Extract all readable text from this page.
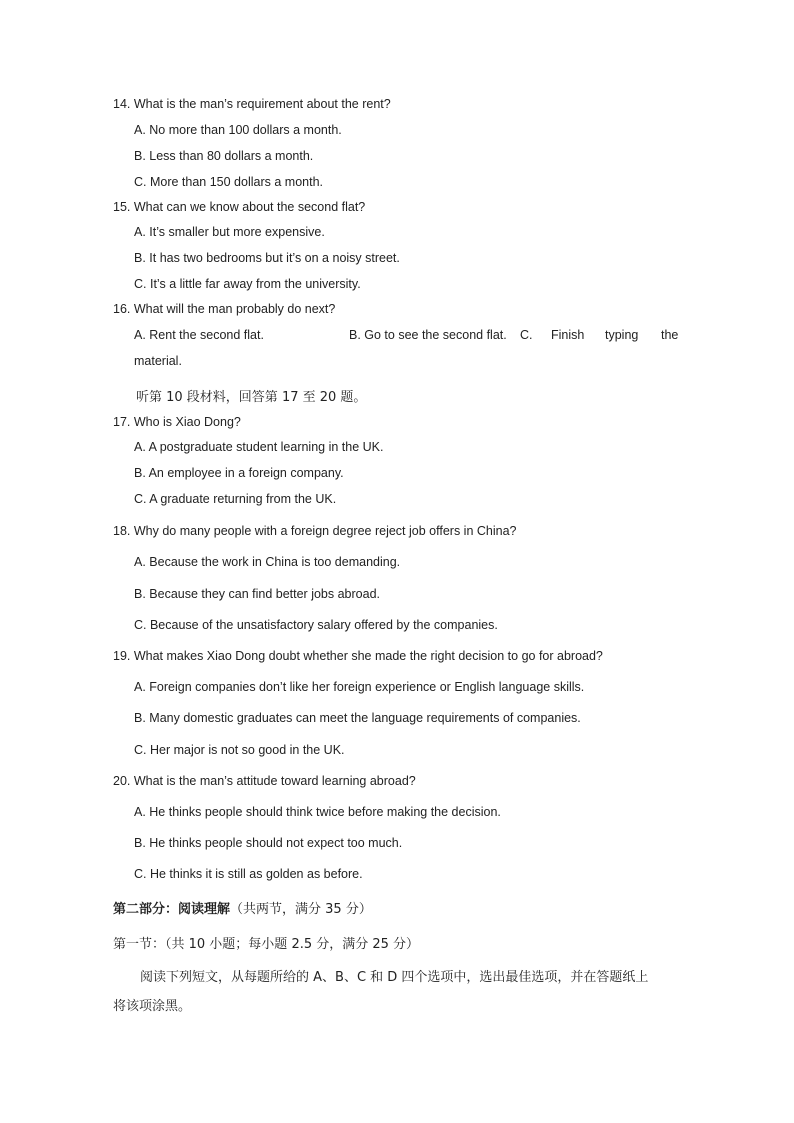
14. What is the man’s requirement about the rent?
A. No more than 100 dollars a month.
B. Less than 80 dollars a month.
C. More than 150 dollars a month.
15. What can we know about the second flat?
A. It’s smaller but more expensive.
B. It has two bedrooms but it’s on a noisy street.
C. It’s a little far away from the university.
16. What will the man probably do next?
A. Rent the second flat.	B. Go to see the second flat. C. Finish typing the
material.
听第 10 段材料，回答第 17 至 20 题。
17. Who is Xiao Dong?
A. A postgraduate student learning in the UK.
B. An employee in a foreign company.
C. A graduate returning from the UK.
18. Why do many people with a foreign degree reject job offers in China?
A. Because the work in China is too demanding.
B. Because they can find better jobs abroad.
C. Because of the unsatisfactory salary offered by the companies.
19. What makes Xiao Dong doubt whether she made the right decision to go for abroad?
A. Foreign companies don’t like her foreign experience or English language skills.
B. Many domestic graduates can meet the language requirements of companies.
C. Her major is not so good in the UK.
20. What is the man’s attitude toward learning abroad?
A. He thinks people should think twice before making the decision.
B. He thinks people should not expect too much.
C. He thinks it is still as golden as before.
第二部分：阅读理解（共两节，满分 35 分）
第一节：（共 10 小题；每小题 2.5 分，满分 25 分）
阅读下列短文，从每题所给的 A、B、C 和 D 四个选项中，选出最佳选项，并在答题纸上
将该项涂黑。
